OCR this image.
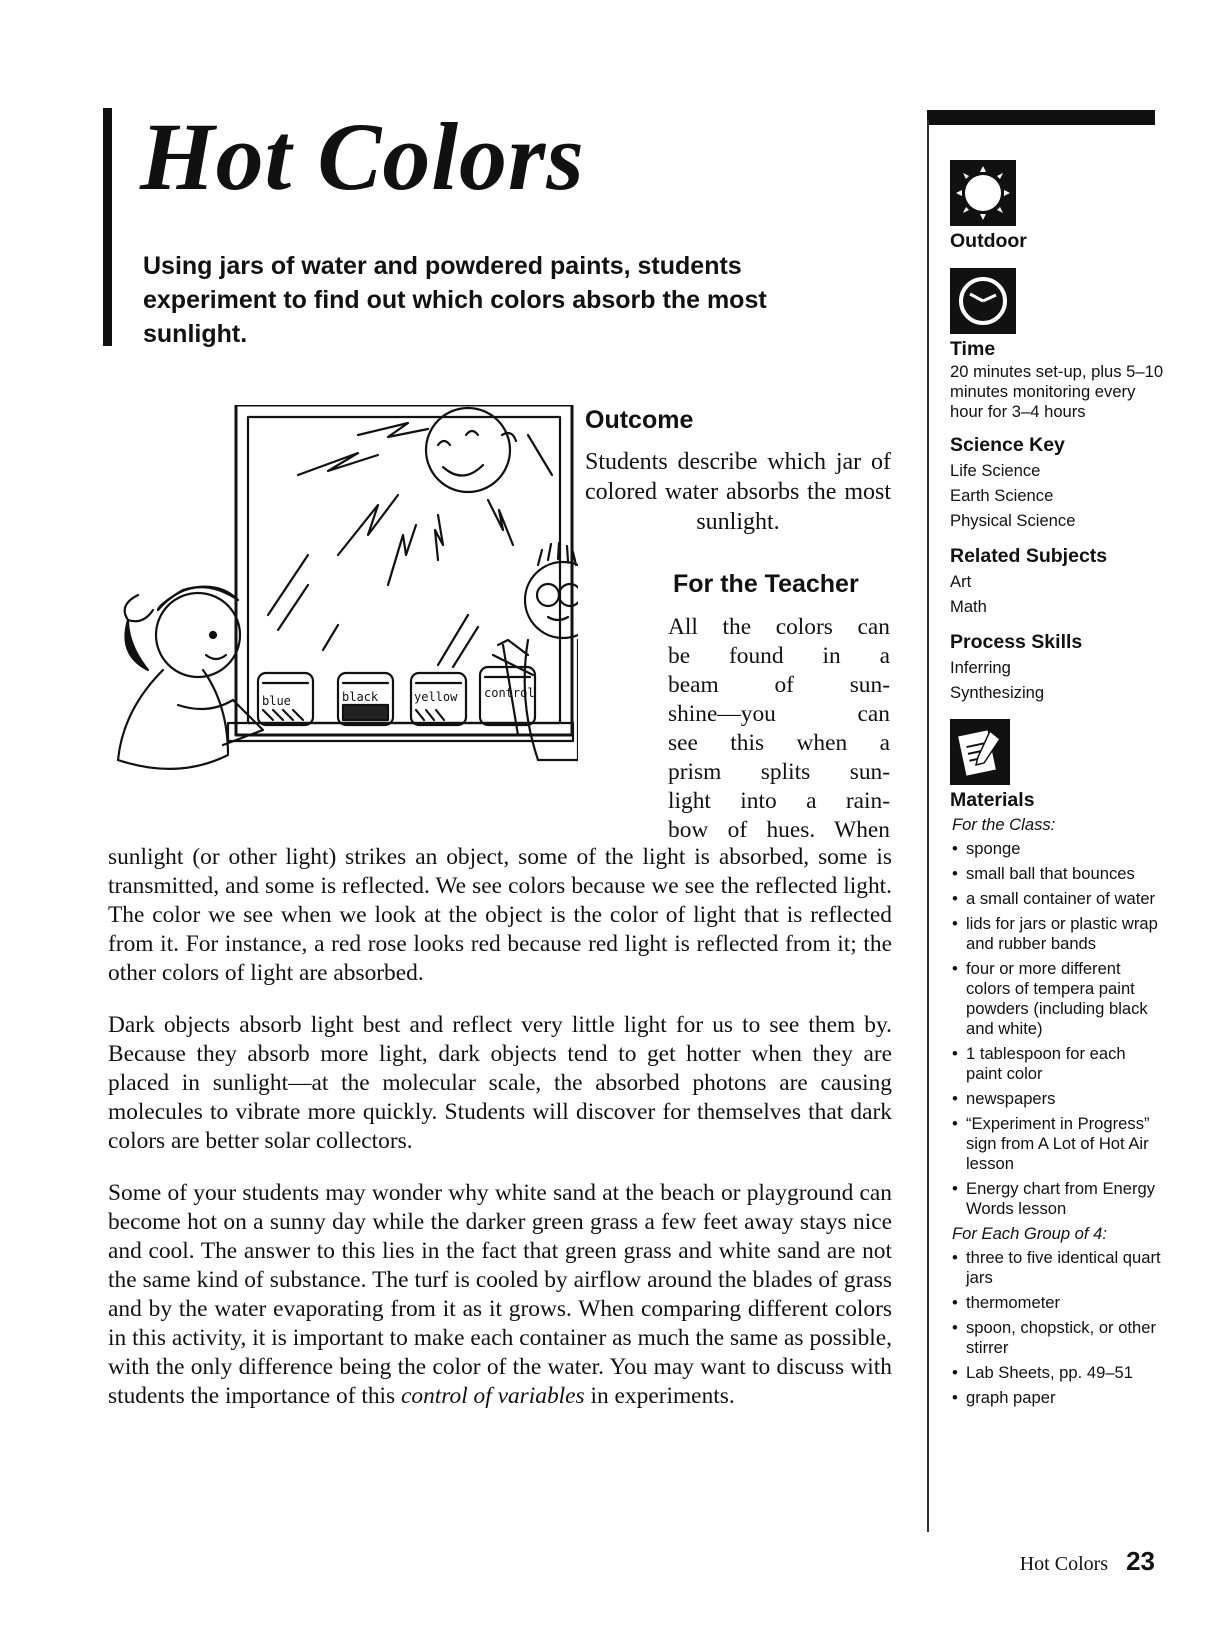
Hot Colors

Using jars of water and powdered paints, students experiment to find out which colors absorb the most sunlight.

blue	black	yellow control
Outcome

Students describe which jar of colored water absorbs the most sunlight.

For the Teacher

All the colors can

be found in a

beam of sun-

shine—you can

see this when a

prism splits sun-

light into a rain-

bow of hues. When

sunlight (or other light) strikes an object, some of the light is absorbed, some is transmitted, and some is reflected. We see colors because we see the reflected light. The color we see when we look at the object is the color of light that is reflected from it. For instance, a red rose looks red because red light is reflected from it; the other colors of light are absorbed.

Dark objects absorb light best and reflect very little light for us to see them by. Because they absorb more light, dark objects tend to get hotter when they are placed in sunlight—at the molecular scale, the absorbed photons are causing molecules to vibrate more quickly. Students will discover for themselves that dark colors are better solar collectors.

Some of your students may wonder why white sand at the beach or playground can become hot on a sunny day while the darker green grass a few feet away stays nice and cool. The answer to this lies in the fact that green grass and white sand are not the same kind of substance. The turf is cooled by airflow around the blades of grass and by the water evaporating from it as it grows. When comparing different colors in this activity, it is important to make each container as much the same as possible, with the only difference being the color of the water. You may want to discuss with students the importance of this control of variables in experiments.

Outdoor

Time

20 minutes set-up, plus 5–10 minutes monitoring every hour for 3–4 hours

Science Key

Life Science

Earth Science

Physical Science

Related Subjects

Art

Math

Process Skills

Inferring

Synthesizing

Materials

For the Class:

• sponge
• small ball that bounces
• a small container of water
• lids for jars or plastic wrap and rubber bands
• four or more different colors of tempera paint powders (including black and white)
• 1 tablespoon for each paint color
• newspapers
• “Experiment in Progress” sign from A Lot of Hot Air lesson
• Energy chart from Energy Words lesson

For Each Group of 4:

• three to five identical quart jars
• thermometer
• spoon, chopstick, or other stirrer
• Lab Sheets, pp. 49–51
• graph paper
Hot Colors 23
